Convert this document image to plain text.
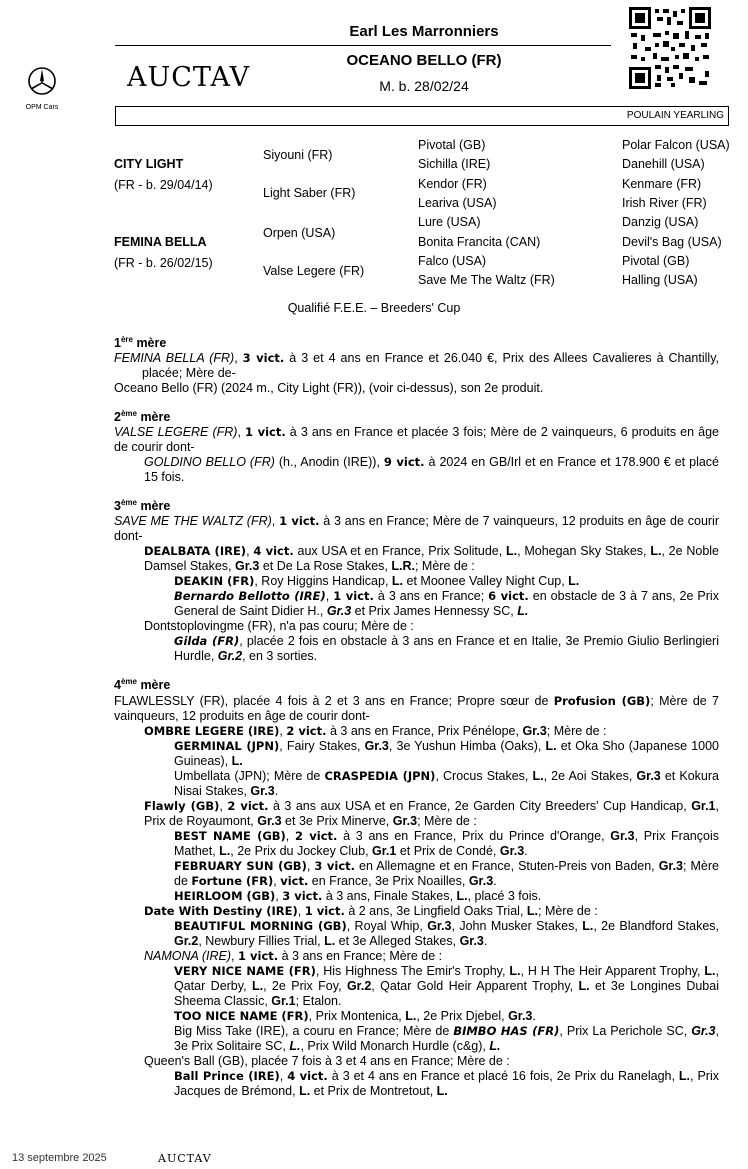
OPM Cars
AUCTAV
Earl Les Marronniers
OCEANO BELLO (FR)
M. b. 28/02/24
POULAIN YEARLING
CITY LIGHT
(FR - b. 29/04/14)
FEMINA BELLA
(FR - b. 26/02/15)
Siyouni (FR)
Light Saber (FR)
Orpen (USA)
Valse Legere (FR)
Pivotal (GB)
Sichilla (IRE)
Kendor (FR)
Leariva (USA)
Lure (USA)
Bonita Francita (CAN)
Falco (USA)
Save Me The Waltz (FR)
Polar Falcon (USA)
Danehill (USA)
Kenmare (FR)
Irish River (FR)
Danzig (USA)
Devil's Bag (USA)
Pivotal (GB)
Halling (USA)
Qualifié F.E.E. – Breeders' Cup
1ère mère

FEMINA BELLA (FR), 3 vict. à 3 et 4 ans en France et 26.040 €, Prix des Allees Cavalieres à Chantilly, placée; Mère de-

Oceano Bello (FR) (2024 m., City Light (FR)), (voir ci-dessus), son 2e produit.

2ème mère

VALSE LEGERE (FR), 1 vict. à 3 ans en France et placée 3 fois; Mère de 2 vainqueurs, 6 produits en âge de courir dont-

GOLDINO BELLO (FR) (h., Anodin (IRE)), 9 vict. à 2024 en GB/Irl et en France et 178.900 € et placé 15 fois.

3ème mère

SAVE ME THE WALTZ (FR), 1 vict. à 3 ans en France; Mère de 7 vainqueurs, 12 produits en âge de courir dont-

DEALBATA (IRE), 4 vict. aux USA et en France, Prix Solitude, L., Mohegan Sky Stakes, L., 2e Noble Damsel Stakes, Gr.3 et De La Rose Stakes, L.R.; Mère de :

DEAKIN (FR), Roy Higgins Handicap, L. et Moonee Valley Night Cup, L.

Bernardo Bellotto (IRE), 1 vict. à 3 ans en France; 6 vict. en obstacle de 3 à 7 ans, 2e Prix General de Saint Didier H., Gr.3 et Prix James Hennessy SC, L.

Dontstoplovingme (FR), n'a pas couru; Mère de :

Gilda (FR), placée 2 fois en obstacle à 3 ans en France et en Italie, 3e Premio Giulio Berlingieri Hurdle, Gr.2, en 3 sorties.

4ème mère

FLAWLESSLY (FR), placée 4 fois à 2 et 3 ans en France; Propre sœur de Profusion (GB); Mère de 7 vainqueurs, 12 produits en âge de courir dont-

OMBRE LEGERE (IRE), 2 vict. à 3 ans en France, Prix Pénélope, Gr.3; Mère de :

GERMINAL (JPN), Fairy Stakes, Gr.3, 3e Yushun Himba (Oaks), L. et Oka Sho (Japanese 1000 Guineas), L.

Umbellata (JPN); Mère de CRASPEDIA (JPN), Crocus Stakes, L., 2e Aoi Stakes, Gr.3 et Kokura Nisai Stakes, Gr.3.

Flawly (GB), 2 vict. à 3 ans aux USA et en France, 2e Garden City Breeders' Cup Handicap, Gr.1, Prix de Royaumont, Gr.3 et 3e Prix Minerve, Gr.3; Mère de :

BEST NAME (GB), 2 vict. à 3 ans en France, Prix du Prince d'Orange, Gr.3, Prix François Mathet, L., 2e Prix du Jockey Club, Gr.1 et Prix de Condé, Gr.3.

FEBRUARY SUN (GB), 3 vict. en Allemagne et en France, Stuten-Preis von Baden, Gr.3; Mère de Fortune (FR), vict. en France, 3e Prix Noailles, Gr.3.

HEIRLOOM (GB), 3 vict. à 3 ans, Finale Stakes, L., placé 3 fois.

Date With Destiny (IRE), 1 vict. à 2 ans, 3e Lingfield Oaks Trial, L.; Mère de :

BEAUTIFUL MORNING (GB), Royal Whip, Gr.3, John Musker Stakes, L., 2e Blandford Stakes, Gr.2, Newbury Fillies Trial, L. et 3e Alleged Stakes, Gr.3.

NAMONA (IRE), 1 vict. à 3 ans en France; Mère de :

VERY NICE NAME (FR), His Highness The Emir's Trophy, L., H H The Heir Apparent Trophy, L., Qatar Derby, L., 2e Prix Foy, Gr.2, Qatar Gold Heir Apparent Trophy, L. et 3e Longines Dubai Sheema Classic, Gr.1; Etalon.

TOO NICE NAME (FR), Prix Montenica, L., 2e Prix Djebel, Gr.3.

Big Miss Take (IRE), a couru en France; Mère de BIMBO HAS (FR), Prix La Perichole SC, Gr.3, 3e Prix Solitaire SC, L., Prix Wild Monarch Hurdle (c&g), L.

Queen's Ball (GB), placée 7 fois à 3 et 4 ans en France; Mère de :

Ball Prince (IRE), 4 vict. à 3 et 4 ans en France et placé 16 fois, 2e Prix du Ranelagh, L., Prix Jacques de Brémond, L. et Prix de Montretout, L.

13 septembre 2025	AUCTAV
